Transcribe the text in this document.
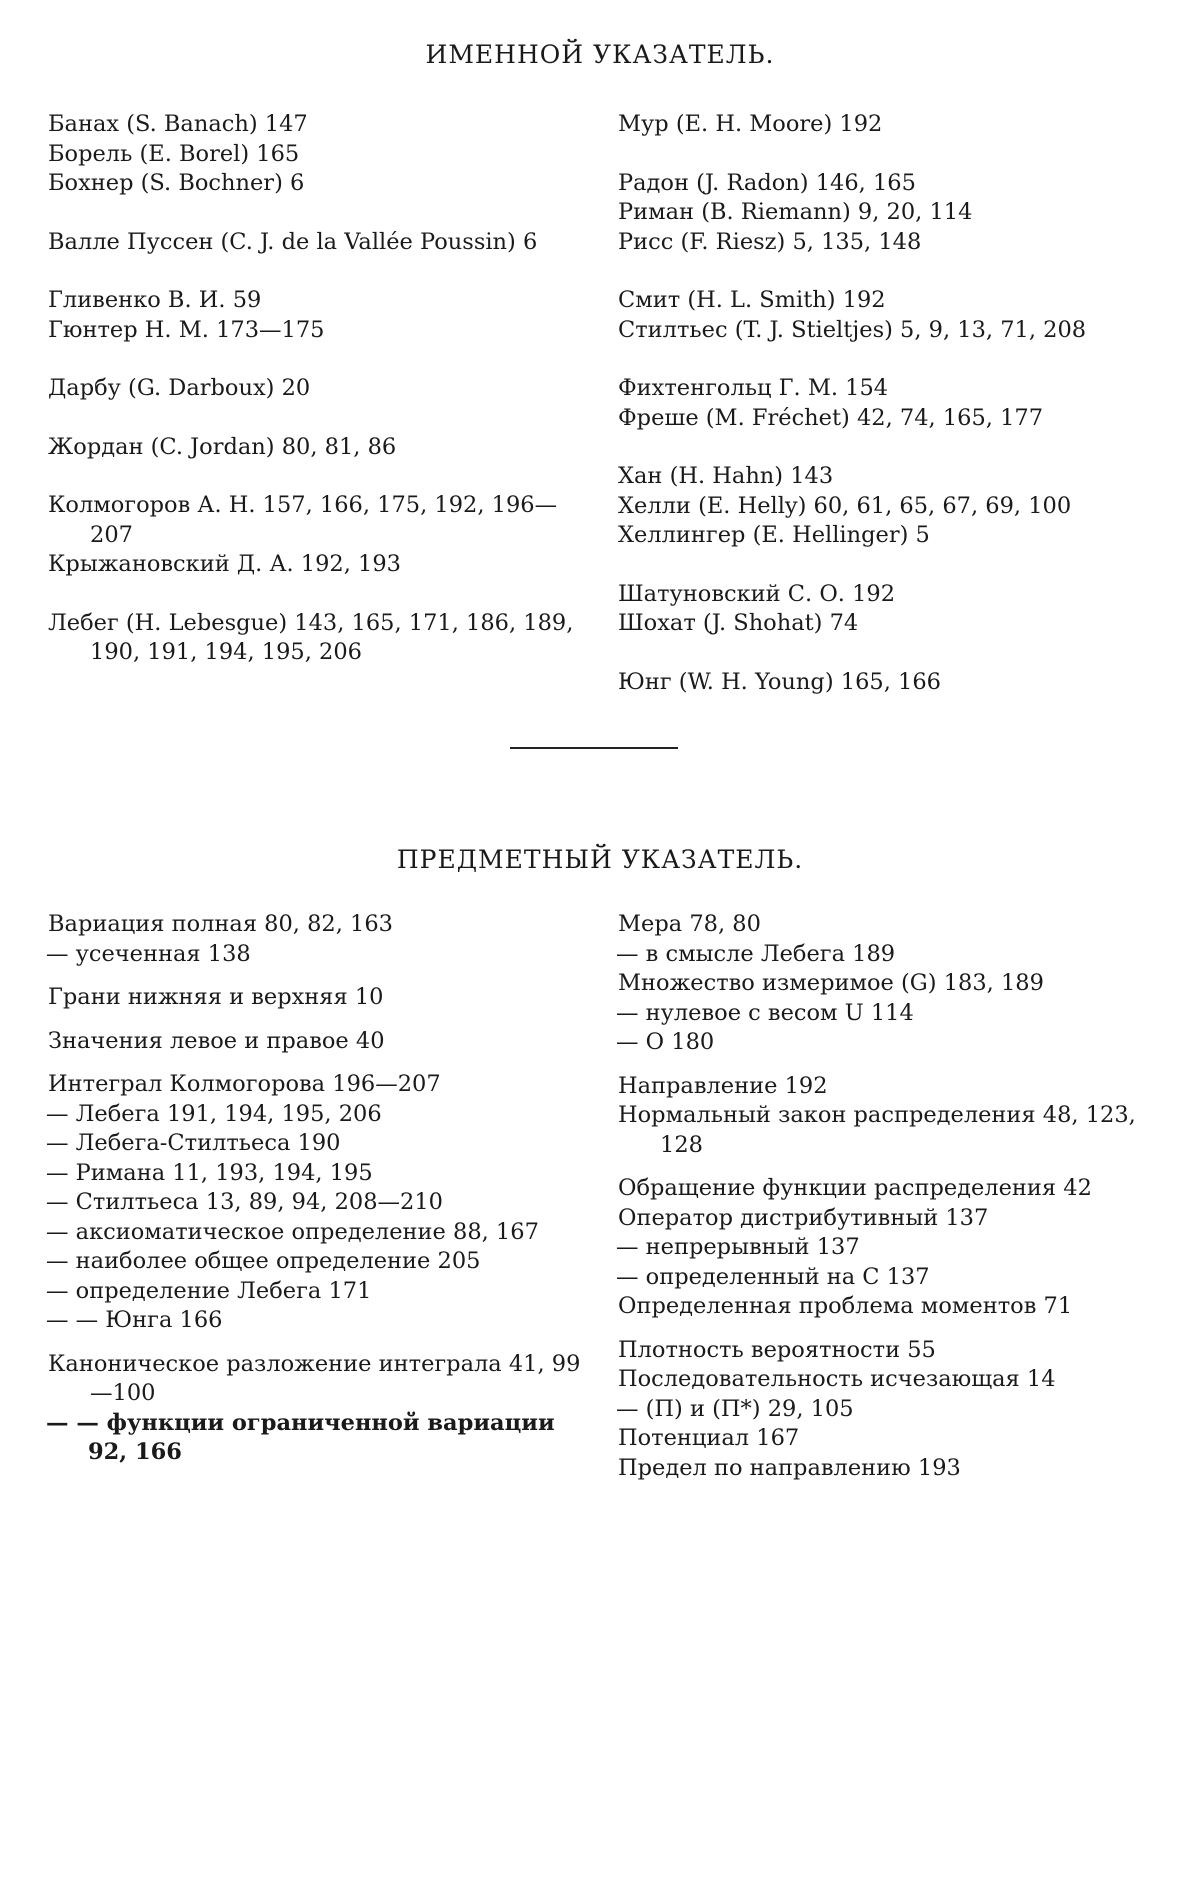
ИМЕННОЙ УКАЗАТЕЛЬ.
Банах (S. Banach) 147
Борель (E. Borel) 165
Бохнер (S. Bochner) 6
Валле Пуссен (C. J. de la Vallée Poussin) 6
Гливенко В. И. 59
Гюнтер Н. М. 173—175
Дарбу (G. Darboux) 20
Жордан (C. Jordan) 80, 81, 86
Колмогоров А. Н. 157, 166, 175, 192, 196—207
Крыжановский Д. А. 192, 193
Лебег (H. Lebesgue) 143, 165, 171, 186, 189, 190, 191, 194, 195, 206
Мур (E. H. Moore) 192
Радон (J. Radon) 146, 165
Риман (B. Riemann) 9, 20, 114
Рисс (F. Riesz) 5, 135, 148
Смит (H. L. Smith) 192
Стилтьес (T. J. Stieltjes) 5, 9, 13, 71, 208
Фихтенгольц Г. М. 154
Фреше (M. Fréchet) 42, 74, 165, 177
Хан (H. Hahn) 143
Хелли (E. Helly) 60, 61, 65, 67, 69, 100
Хеллингер (E. Hellinger) 5
Шатуновский С. О. 192
Шохат (J. Shohat) 74
Юнг (W. H. Young) 165, 166
ПРЕДМЕТНЫЙ УКАЗАТЕЛЬ.
Вариация полная 80, 82, 163
— усеченная 138
Грани нижняя и верхняя 10
Значения левое и правое 40
Интеграл Колмогорова 196—207
— Лебега 191, 194, 195, 206
— Лебега-Стилтьеса 190
— Римана 11, 193, 194, 195
— Стилтьеса 13, 89, 94, 208—210
— аксиоматическое определение 88, 167
— наиболее общее определение 205
— определение Лебега 171
— — Юнга 166
Каноническое разложение интеграла 41, 99—100
— — функции ограниченной вариации 92, 166
Мера 78, 80
— в смысле Лебега 189
Множество измеримое (G) 183, 189
— нулевое с весом U 114
— O 180
Направление 192
Нормальный закон распределения 48, 123, 128
Обращение функции распределения 42
Оператор дистрибутивный 137
— непрерывный 137
— определенный на C 137
Определенная проблема моментов 71
Плотность вероятности 55
Последовательность исчезающая 14
— (П) и (П*) 29, 105
Потенциал 167
Предел по направлению 193
